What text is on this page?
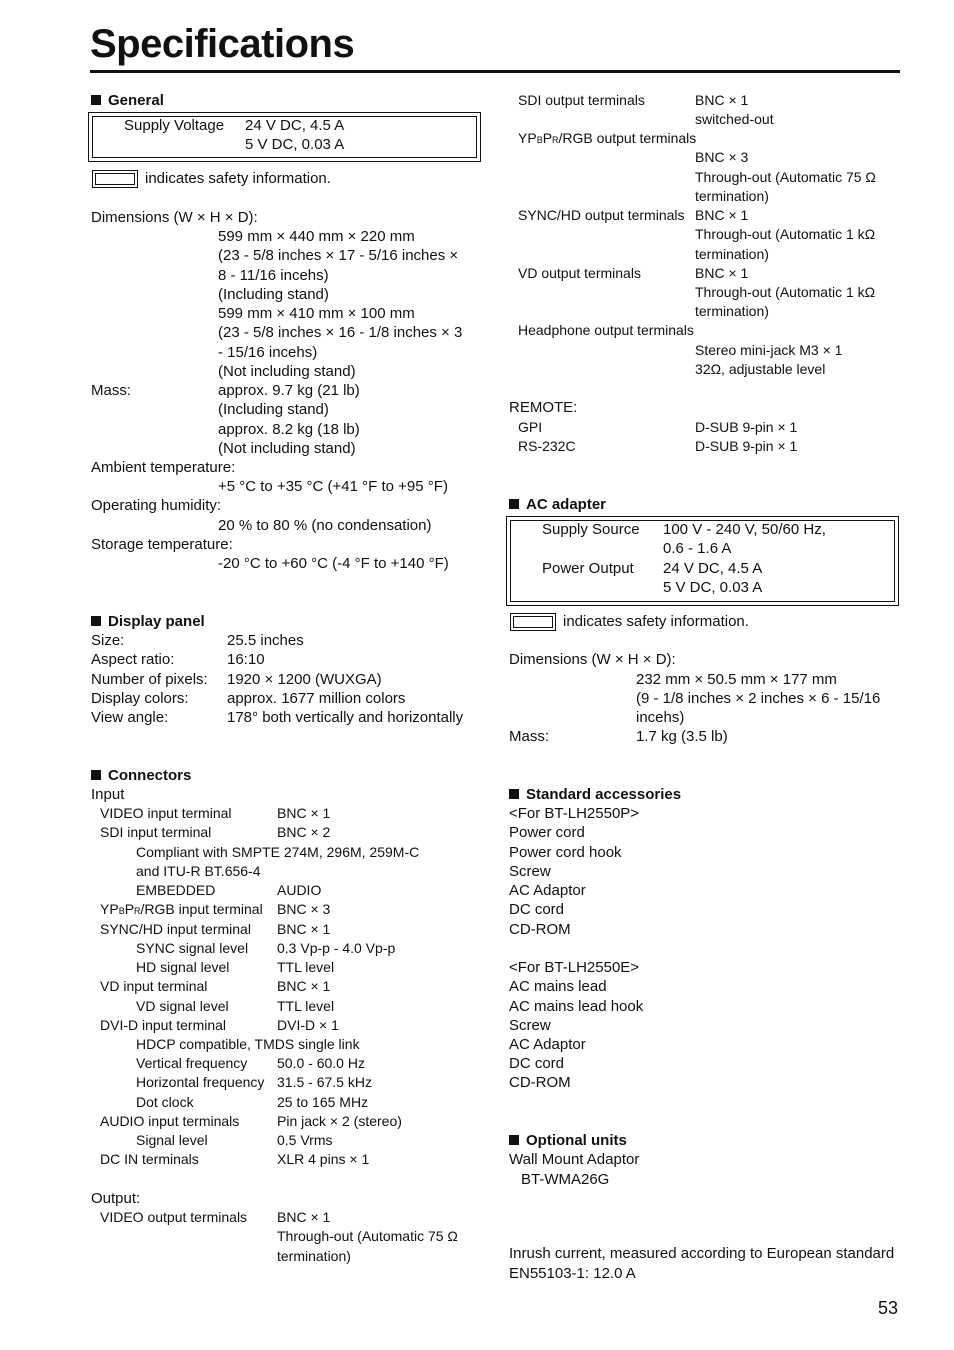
Specifications
General
Supply Voltage 24 V DC, 4.5 A
5 V DC, 0.03 A
indicates safety information.
Dimensions (W × H × D):
599 mm × 440 mm × 220 mm
(23 - 5/8 inches × 17 - 5/16 inches ×
8 - 11/16 incehs)
(Including stand)
599 mm × 410 mm × 100 mm
(23 - 5/8 inches × 16 - 1/8 inches × 3
- 15/16 incehs)
(Not including stand)
Mass:	approx. 9.7 kg (21 lb)
(Including stand)
approx. 8.2 kg (18 lb)
(Not including stand)
Ambient temperature:
+5 °C to +35 °C (+41 °F to +95 °F)
Operating humidity:
20 % to 80 % (no condensation)
Storage temperature:
-20 °C to +60 °C (-4 °F to +140 °F)
Display panel
Size:	25.5 inches
Aspect ratio:	16:10
Number of pixels: 1920 × 1200 (WUXGA)
Display colors:	approx. 1677 million colors
View angle:	178° both vertically and horizontally
Connectors
Input
VIDEO input terminal	BNC × 1
SDI input terminal	BNC × 2
Compliant with SMPTE 274M, 296M, 259M-C
and ITU-R BT.656-4
EMBEDDED	AUDIO
YPBPR/RGB input terminal BNC × 3
SYNC/HD input terminal BNC × 1
SYNC signal level 0.3 Vp-p - 4.0 Vp-p
HD signal level	TTL level
VD input terminal	BNC × 1
VD signal level	TTL level
DVI-D input terminal	DVI-D × 1
HDCP compatible, TMDS single link
Vertical frequency 50.0 - 60.0 Hz
Horizontal frequency 31.5 - 67.5 kHz
Dot clock	25 to 165 MHz
AUDIO input terminals	Pin jack × 2 (stereo)
Signal level	0.5 Vrms
DC IN terminals	XLR 4 pins × 1
Output:
VIDEO output terminals BNC × 1
Through-out (Automatic 75 Ω
termination)
SDI output terminals	BNC × 1
switched-out
YPBPR/RGB output terminals
BNC × 3
Through-out (Automatic 75 Ω
termination)
SYNC/HD output terminals BNC × 1
Through-out (Automatic 1 kΩ
termination)
VD output terminals	BNC × 1
Through-out (Automatic 1 kΩ
termination)
Headphone output terminals
Stereo mini-jack M3 × 1
32Ω, adjustable level
REMOTE:
GPI	D-SUB 9-pin × 1
RS-232C	D-SUB 9-pin × 1
AC adapter
Supply Source 100 V - 240 V, 50/60 Hz,
0.6 - 1.6 A
Power Output 24 V DC, 4.5 A
5 V DC, 0.03 A
indicates safety information.
Dimensions (W × H × D):
232 mm × 50.5 mm × 177 mm
(9 - 1/8 inches × 2 inches × 6 - 15/16
incehs)
Mass:	1.7 kg (3.5 lb)
Standard accessories
<For BT-LH2550P>
Power cord
Power cord hook
Screw
AC Adaptor
DC cord
CD-ROM
<For BT-LH2550E>
AC mains lead
AC mains lead hook
Screw
AC Adaptor
DC cord
CD-ROM
Optional units
Wall Mount Adaptor
BT-WMA26G
Inrush current, measured according to European standard
EN55103-1: 12.0 A
53
